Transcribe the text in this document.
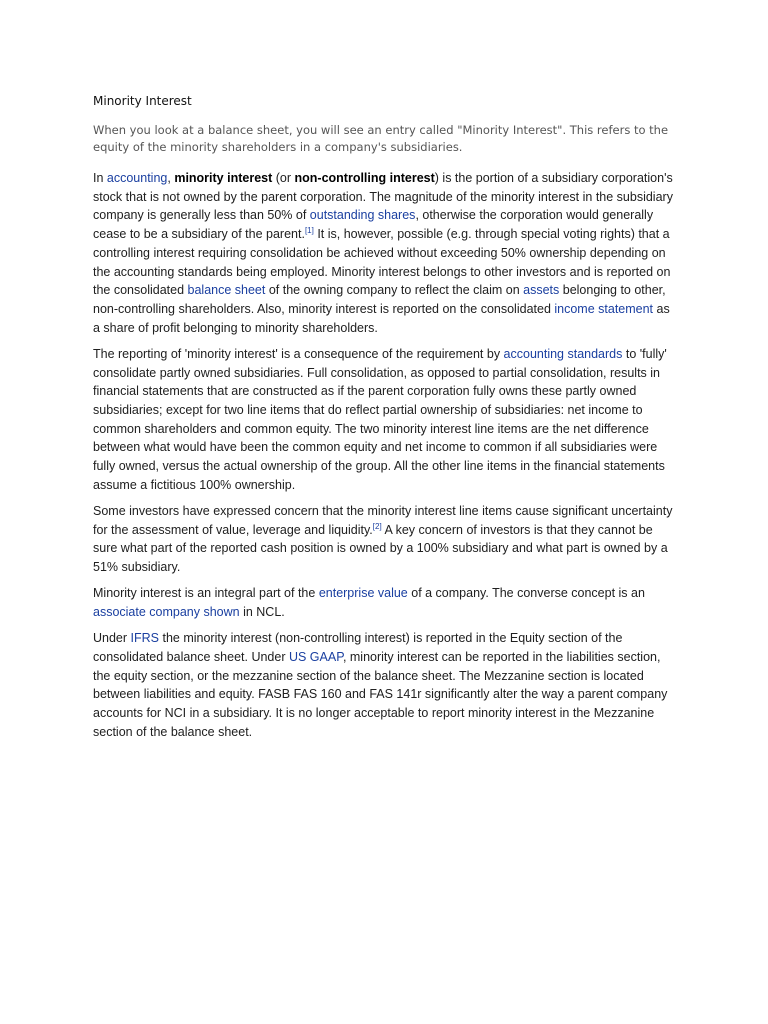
Minority Interest
When you look at a balance sheet, you will see an entry called "Minority Interest". This refers to the equity of the minority shareholders in a company's subsidiaries.

In accounting, minority interest (or non-controlling interest) is the portion of a subsidiary corporation's stock that is not owned by the parent corporation. The magnitude of the minority interest in the subsidiary company is generally less than 50% of outstanding shares, otherwise the corporation would generally cease to be a subsidiary of the parent.[1] It is, however, possible (e.g. through special voting rights) that a controlling interest requiring consolidation be achieved without exceeding 50% ownership depending on the accounting standards being employed. Minority interest belongs to other investors and is reported on the consolidated balance sheet of the owning company to reflect the claim on assets belonging to other, non-controlling shareholders. Also, minority interest is reported on the consolidated income statement as a share of profit belonging to minority shareholders.

The reporting of 'minority interest' is a consequence of the requirement by accounting standards to 'fully' consolidate partly owned subsidiaries. Full consolidation, as opposed to partial consolidation, results in financial statements that are constructed as if the parent corporation fully owns these partly owned subsidiaries; except for two line items that do reflect partial ownership of subsidiaries: net income to common shareholders and common equity. The two minority interest line items are the net difference between what would have been the common equity and net income to common if all subsidiaries were fully owned, versus the actual ownership of the group. All the other line items in the financial statements assume a fictitious 100% ownership.

Some investors have expressed concern that the minority interest line items cause significant uncertainty for the assessment of value, leverage and liquidity.[2] A key concern of investors is that they cannot be sure what part of the reported cash position is owned by a 100% subsidiary and what part is owned by a 51% subsidiary.

Minority interest is an integral part of the enterprise value of a company. The converse concept is an associate company shown in NCL.

Under IFRS the minority interest (non-controlling interest) is reported in the Equity section of the consolidated balance sheet. Under US GAAP, minority interest can be reported in the liabilities section, the equity section, or the mezzanine section of the balance sheet. The Mezzanine section is located between liabilities and equity. FASB FAS 160 and FAS 141r significantly alter the way a parent company accounts for NCI in a subsidiary. It is no longer acceptable to report minority interest in the Mezzanine section of the balance sheet.
